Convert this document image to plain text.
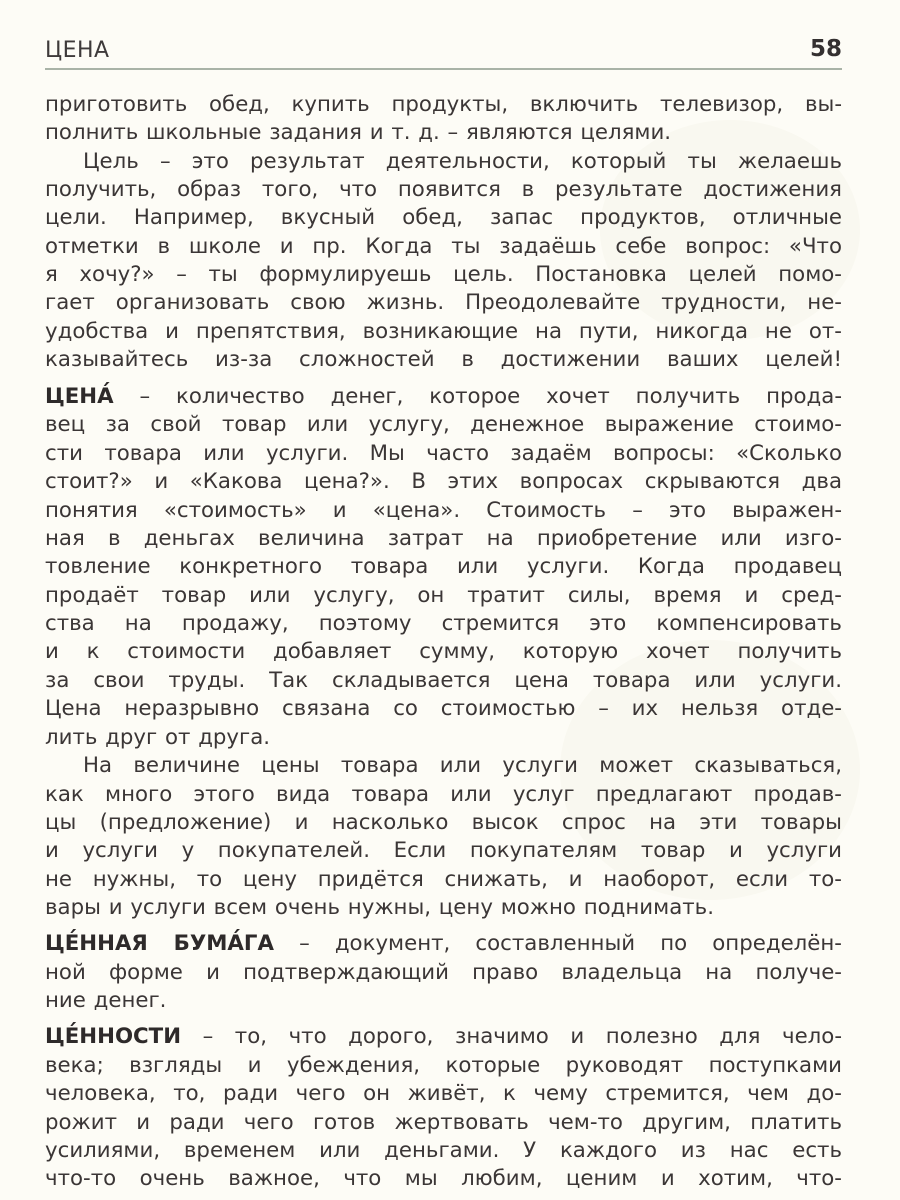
ЦЕНА	58
приготовить обед, купить продукты, включить телевизор, вы-
полнить школьные задания и т. д. – являются целями.
Цель – это результат деятельности, который ты желаешь
получить, образ того, что появится в результате достижения
цели. Например, вкусный обед, запас продуктов, отличные
отметки в школе и пр. Когда ты задаёшь себе вопрос: «Что
я хочу?» – ты формулируешь цель. Постановка целей помо-
гает организовать свою жизнь. Преодолевайте трудности, не-
удобства и препятствия, возникающие на пути, никогда не от-
казывайтесь из-за сложностей в достижении ваших целей!
ЦЕНА́ – количество денег, которое хочет получить прода-
вец за свой товар или услугу, денежное выражение стоимо-
сти товара или услуги. Мы часто задаём вопросы: «Сколько
стоит?» и «Какова цена?». В этих вопросах скрываются два
понятия «стоимость» и «цена». Стоимость – это выражен-
ная в деньгах величина затрат на приобретение или изго-
товление конкретного товара или услуги. Когда продавец
продаёт товар или услугу, он тратит силы, время и сред-
ства на продажу, поэтому стремится это компенсировать
и к стоимости добавляет сумму, которую хочет получить
за свои труды. Так складывается цена товара или услуги.
Цена неразрывно связана со стоимостью – их нельзя отде-
лить друг от друга.
На величине цены товара или услуги может сказываться,
как много этого вида товара или услуг предлагают продав-
цы (предложение) и насколько высок спрос на эти товары
и услуги у покупателей. Если покупателям товар и услуги
не нужны, то цену придётся снижать, и наоборот, если то-
вары и услуги всем очень нужны, цену можно поднимать.
ЦЕ́ННАЯ БУМА́ГА – документ, составленный по определён-
ной форме и подтверждающий право владельца на получе-
ние денег.
ЦЕ́ННОСТИ – то, что дорого, значимо и полезно для чело-
века; взгляды и убеждения, которые руководят поступками
человека, то, ради чего он живёт, к чему стремится, чем до-
рожит и ради чего готов жертвовать чем-то другим, платить
усилиями, временем или деньгами. У каждого из нас есть
что-то очень важное, что мы любим, ценим и хотим, что-
